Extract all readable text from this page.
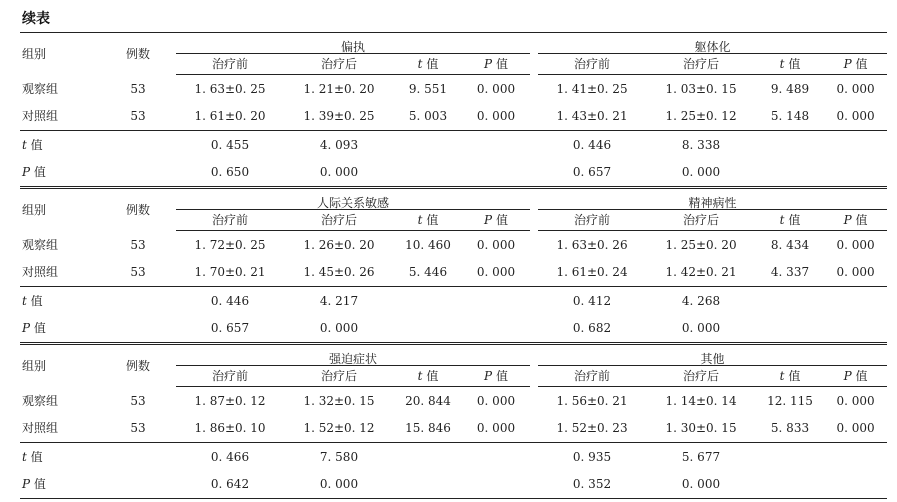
续表
组别	例数	偏执					躯体化			
		治疗前	治疗后	t 值	P 值		治疗前	治疗后	t 值	P 值
观察组	53	1. 63±0. 25	1. 21±0. 20	9. 551	0. 000		1. 41±0. 25	1. 03±0. 15	9. 489	0. 000
对照组	53	1. 61±0. 20	1. 39±0. 25	5. 003	0. 000		1. 43±0. 21	1. 25±0. 12	5. 148	0. 000
t 值		0. 455	4. 093				0. 446	8. 338		
P 值		0. 650	0. 000				0. 657	0. 000		
组别	例数	人际关系敏感					精神病性			
		治疗前	治疗后	t 值	P 值		治疗前	治疗后	t 值	P 值
观察组	53	1. 72±0. 25	1. 26±0. 20	10. 460	0. 000		1. 63±0. 26	1. 25±0. 20	8. 434	0. 000
对照组	53	1. 70±0. 21	1. 45±0. 26	5. 446	0. 000		1. 61±0. 24	1. 42±0. 21	4. 337	0. 000
t 值		0. 446	4. 217				0. 412	4. 268		
P 值		0. 657	0. 000				0. 682	0. 000		
组别	例数	强迫症状					其他			
		治疗前	治疗后	t 值	P 值		治疗前	治疗后	t 值	P 值
观察组	53	1. 87±0. 12	1. 32±0. 15	20. 844	0. 000		1. 56±0. 21	1. 14±0. 14	12. 115	0. 000
对照组	53	1. 86±0. 10	1. 52±0. 12	15. 846	0. 000		1. 52±0. 23	1. 30±0. 15	5. 833	0. 000
t 值		0. 466	7. 580				0. 935	5. 677		
P 值		0. 642	0. 000				0. 352	0. 000		
